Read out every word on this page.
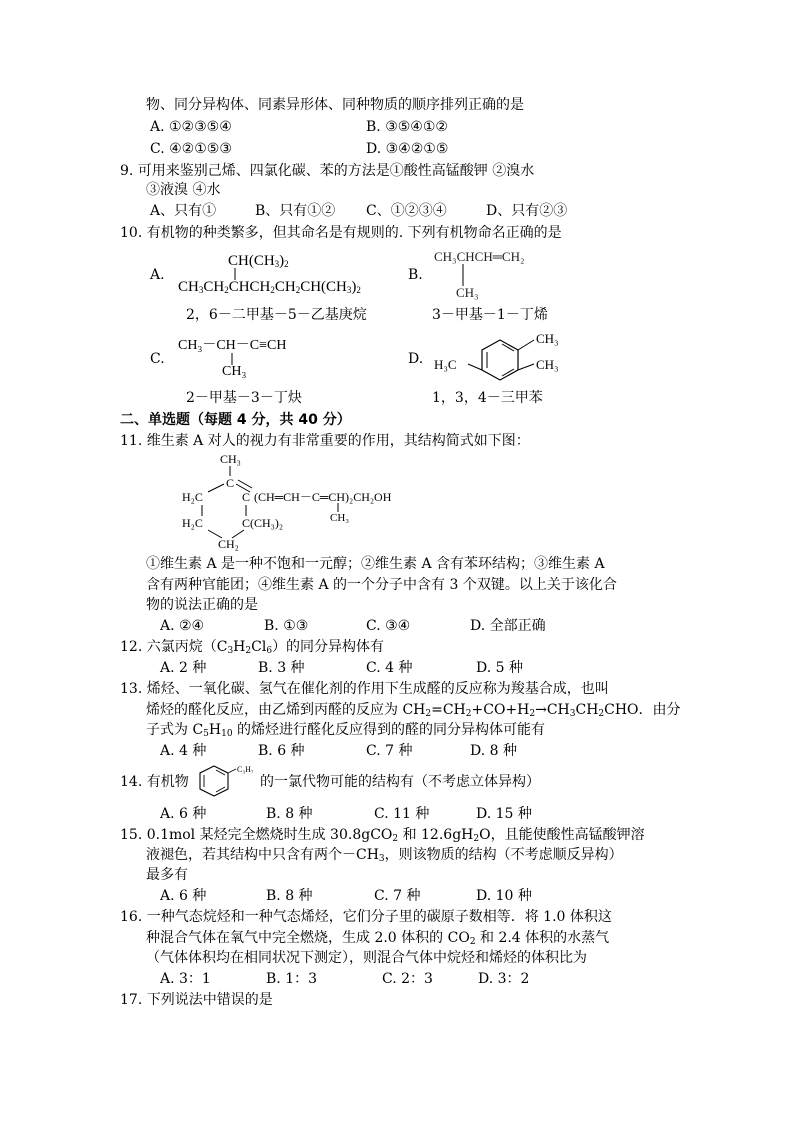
物、同分异构体、同素异形体、同种物质的顺序排列正确的是
A. ①②③⑤④	B. ③⑤④①②
C. ④②①⑤③	D. ③④②①⑤
9. 可用来鉴别己烯、四氯化碳、苯的方法是①酸性高锰酸钾 ②溴水
③液溴 ④水
A、只有①	B、只有①② C、①②③④	D、只有②③
10. 有机物的种类繁多，但其命名是有规则的. 下列有机物命名正确的是
A.
$CH(CH_3)_2$
$CH_3CH_2CHCH_2CH_2CH(CH_3)_2$
2，6－二甲基－5－乙基庚烷
B.
CH₃CHCH═CH₂
CH₃
3－甲基－1－丁烯
C.
CH₃－CH－C≡CH
CH₃
2－甲基－3－丁炔
D.
CH₃
CH₃
H₃C
1，3，4－三甲苯
二、单选题（每题 4 分，共 40 分）
11. 维生素 A 对人的视力有非常重要的作用，其结构简式如下图：
CH₃
C
H₂C	C (CH═CH－C═CH)₂CH₂OH
CH₃
H₂C	C(CH₃)₂
CH₂
①维生素 A 是一种不饱和一元醇；②维生素 A 含有苯环结构；③维生素 A
含有两种官能团；④维生素 A 的一个分子中含有 3 个双键。以上关于该化合
物的说法正确的是
A. ②④	B. ①③	C. ③④	D. 全部正确
12. 六氯丙烷$(C_3H_2Cl_6)$的同分异构体有
A. 2 种	B. 3 种	C. 4 种	D. 5 种
13. 烯烃、一氧化碳、氢气在催化剂的作用下生成醛的反应称为羧基合成，也叫
烯烃的醛化反应，由乙烯到丙醛的反应为 $CH_2=CH_2+CO+H_2\to CH_3CH_2CHO$．由分
子式为 $C_5H_{10}$ 的烯烃进行醛化反应得到的醛的同分异构体可能有
A. 4 种	B. 6 种	C. 7 种	D. 8 种
14. 有机物
C₃H₇
的一氯代物可能的结构有（不考虑立体异构）
A. 6 种	B. 8 种	C. 11 种	D. 15 种
15. 0.1mol 某烃完全燃烧时生成 30.8gCO$_2$ 和 $12.6gH_2O$，且能使酸性高锰酸钾溶
液褪色，若其结构中只含有两个$-CH_3$，则该物质的结构（不考虑顺反异构）
最多有
A. 6 种	B. 8 种	C. 7 种	D. 10 种
16. 一种气态烷烃和一种气态烯烃，它们分子里的碳原子数相等．将 1.0 体积这
种混合气体在氧气中完全燃烧，生成 2.0 体积的 $CO_2$ 和 2.4 体积的水蒸气
（气体体积均在相同状况下测定），则混合气体中烷烃和烯烃的体积比为
A. 3：1	B. 1：3	C. 2：3	D. 3：2
17. 下列说法中错误的是
